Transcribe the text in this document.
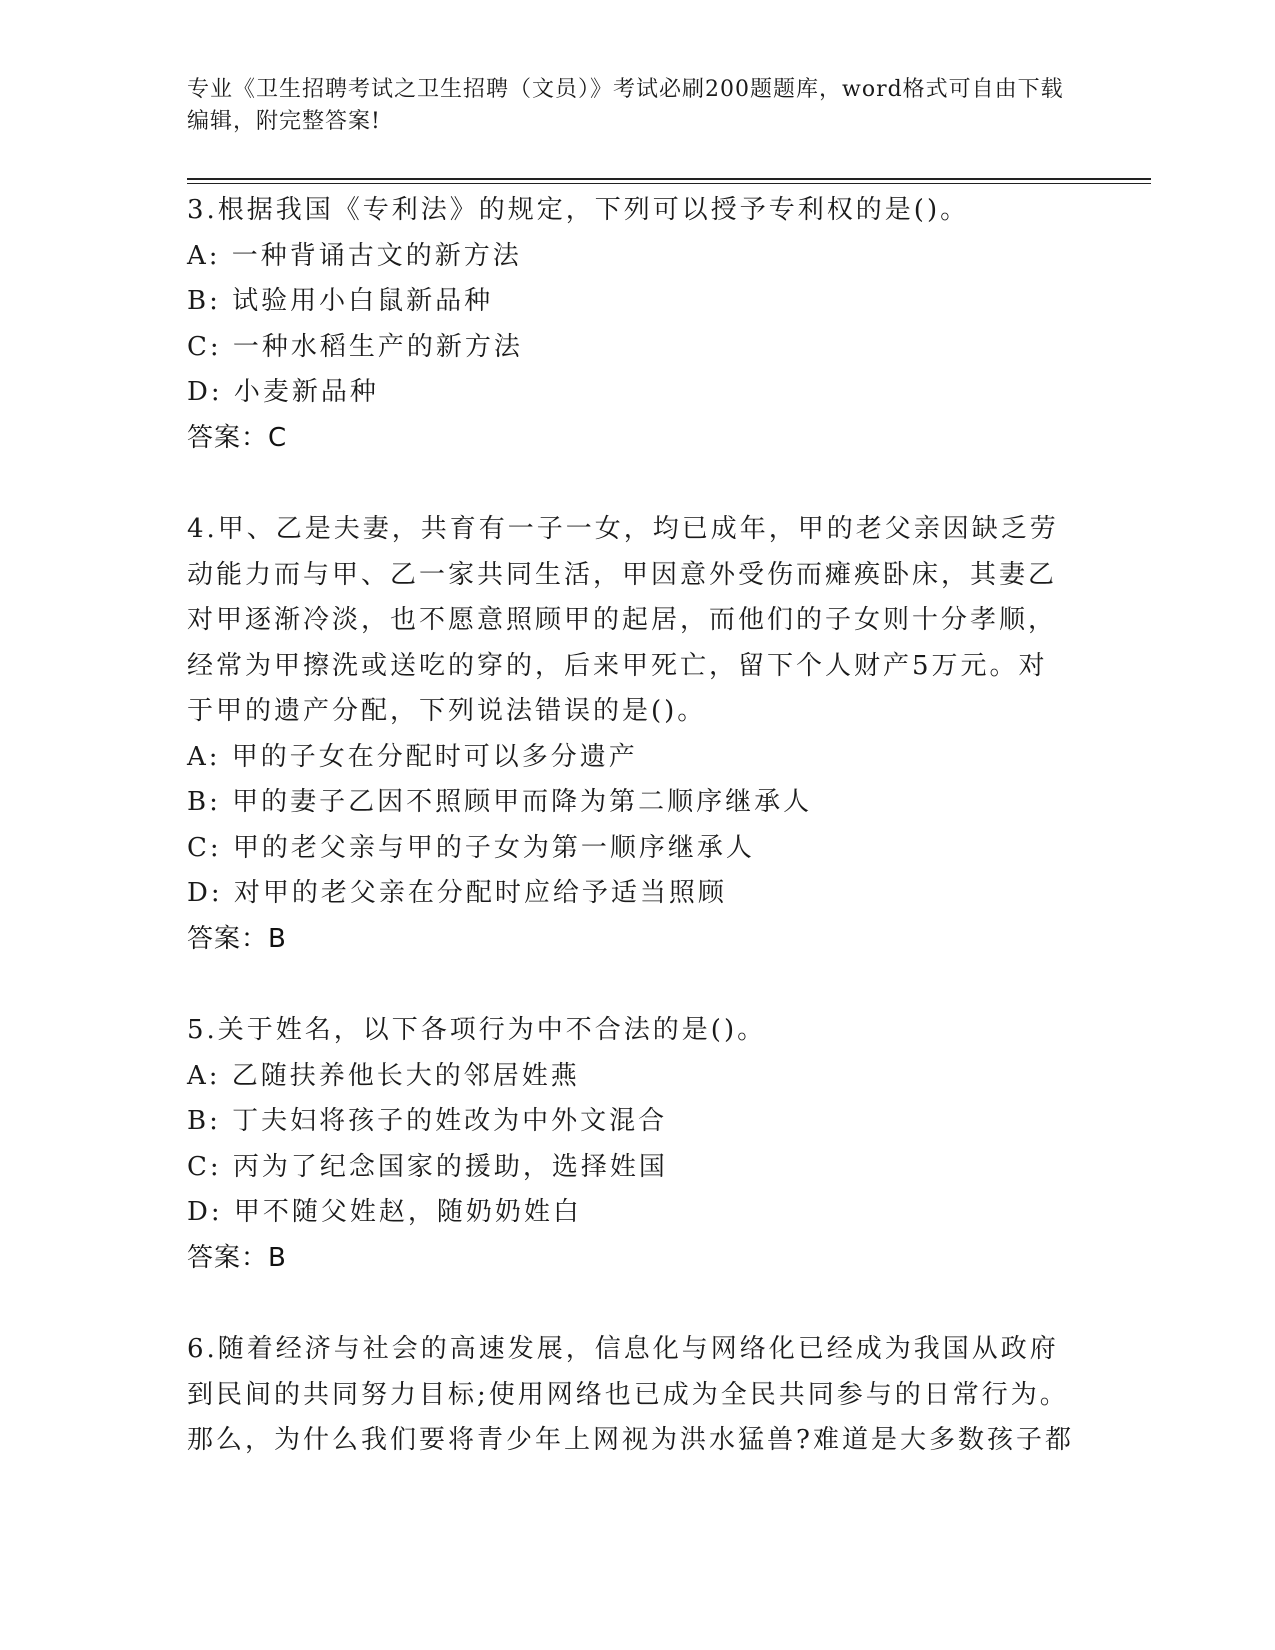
专业《卫生招聘考试之卫生招聘（文员）》考试必刷200题题库，word格式可自由下载编辑，附完整答案!
3.根据我国《专利法》的规定，下列可以授予专利权的是()。
A: 一种背诵古文的新方法
B: 试验用小白鼠新品种
C: 一种水稻生产的新方法
D: 小麦新品种
答案：C
4.甲、乙是夫妻，共育有一子一女，均已成年，甲的老父亲因缺乏劳
动能力而与甲、乙一家共同生活，甲因意外受伤而瘫痪卧床，其妻乙
对甲逐渐冷淡，也不愿意照顾甲的起居，而他们的子女则十分孝顺，
经常为甲擦洗或送吃的穿的，后来甲死亡，留下个人财产5万元。对
于甲的遗产分配，下列说法错误的是()。
A: 甲的子女在分配时可以多分遗产
B: 甲的妻子乙因不照顾甲而降为第二顺序继承人
C: 甲的老父亲与甲的子女为第一顺序继承人
D: 对甲的老父亲在分配时应给予适当照顾
答案：B
5.关于姓名，以下各项行为中不合法的是()。
A: 乙随扶养他长大的邻居姓燕
B: 丁夫妇将孩子的姓改为中外文混合
C: 丙为了纪念国家的援助，选择姓国
D: 甲不随父姓赵，随奶奶姓白
答案：B
6.随着经济与社会的高速发展，信息化与网络化已经成为我国从政府
到民间的共同努力目标;使用网络也已成为全民共同参与的日常行为。
那么，为什么我们要将青少年上网视为洪水猛兽?难道是大多数孩子都
